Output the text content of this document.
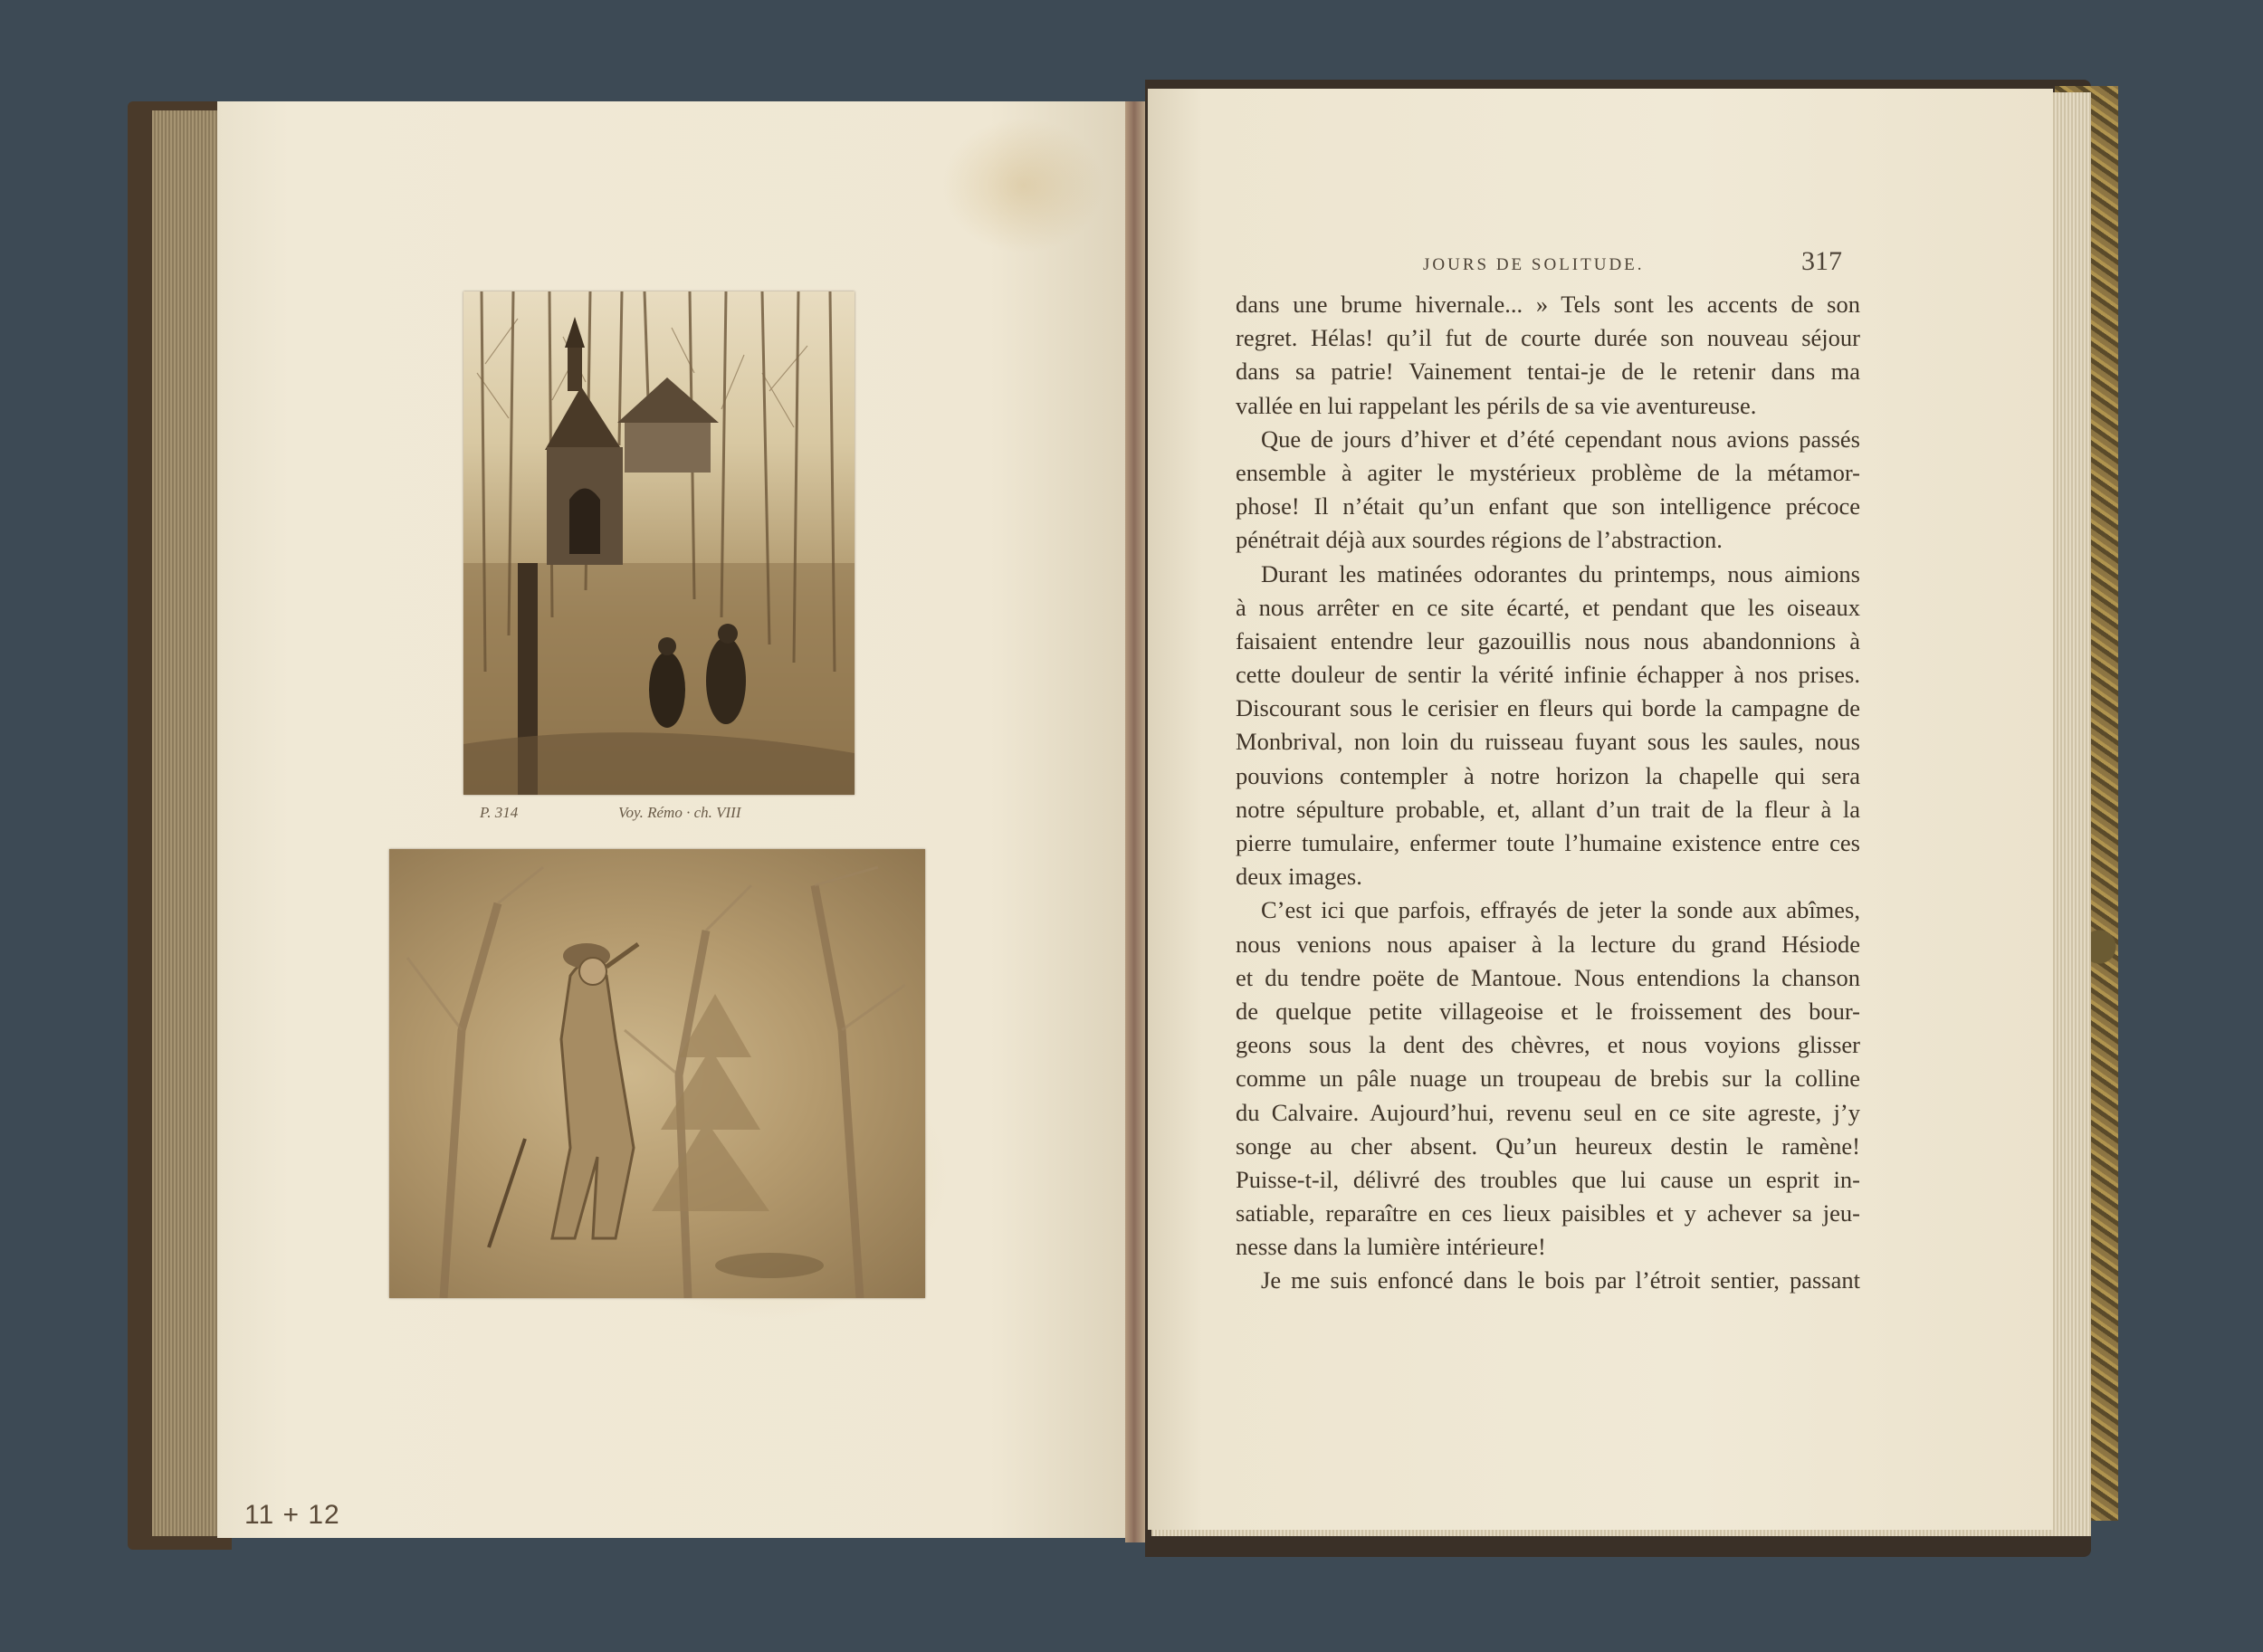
P. 314	Voy. Rémo · ch. VIII
11 + 12
JOURS DE SOLITUDE.	317
dans une brume hivernale... » Tels sont les accents de son
regret. Hélas! qu’il fut de courte durée son nouveau séjour
dans sa patrie! Vainement tentai-je de le retenir dans ma
vallée en lui rappelant les périls de sa vie aventureuse.
Que de jours d’hiver et d’été cependant nous avions passés
ensemble à agiter le mystérieux problème de la métamor-
phose! Il n’était qu’un enfant que son intelligence précoce
pénétrait déjà aux sourdes régions de l’abstraction.
Durant les matinées odorantes du printemps, nous aimions
à nous arrêter en ce site écarté, et pendant que les oiseaux
faisaient entendre leur gazouillis nous nous abandonnions à
cette douleur de sentir la vérité infinie échapper à nos prises.
Discourant sous le cerisier en fleurs qui borde la campagne de
Monbrival, non loin du ruisseau fuyant sous les saules, nous
pouvions contempler à notre horizon la chapelle qui sera
notre sépulture probable, et, allant d’un trait de la fleur à la
pierre tumulaire, enfermer toute l’humaine existence entre ces
deux images.
C’est ici que parfois, effrayés de jeter la sonde aux abîmes,
nous venions nous apaiser à la lecture du grand Hésiode
et du tendre poëte de Mantoue. Nous entendions la chanson
de quelque petite villageoise et le froissement des bour-
geons sous la dent des chèvres, et nous voyions glisser
comme un pâle nuage un troupeau de brebis sur la colline
du Calvaire. Aujourd’hui, revenu seul en ce site agreste, j’y
songe au cher absent. Qu’un heureux destin le ramène!
Puisse-t-il, délivré des troubles que lui cause un esprit in-
satiable, reparaître en ces lieux paisibles et y achever sa jeu-
nesse dans la lumière intérieure!
Je me suis enfoncé dans le bois par l’étroit sentier, passant
